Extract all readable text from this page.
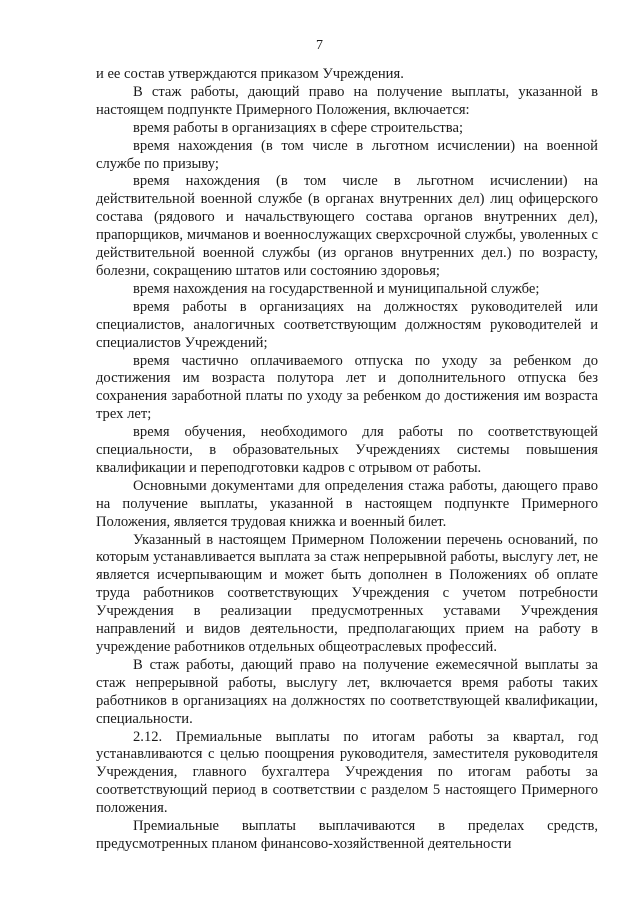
7

и ее состав утверждаются приказом Учреждения.

В стаж работы, дающий право на получение выплаты, указанной в настоящем подпункте Примерного Положения, включается:

время работы в организациях в сфере строительства;

время нахождения (в том числе в льготном исчислении) на военной службе по призыву;

время нахождения (в том числе в льготном исчислении) на действительной военной службе (в органах внутренних дел) лиц офицерского состава (рядового и начальствующего состава органов внутренних дел), прапорщиков, мичманов и военнослужащих сверхсрочной службы, уволенных с действительной военной службы (из органов внутренних дел.) по возрасту, болезни, сокращению штатов или состоянию здоровья;

время нахождения на государственной и муниципальной службе;

время работы в организациях на должностях руководителей или специалистов, аналогичных соответствующим должностям руководителей и специалистов Учреждений;

время частично оплачиваемого отпуска по уходу за ребенком до достижения им возраста полутора лет и дополнительного отпуска без сохранения заработной платы по уходу за ребенком до достижения им возраста трех лет;

время обучения, необходимого для работы по соответствующей специальности, в образовательных Учреждениях системы повышения квалификации и переподготовки кадров с отрывом от работы.

Основными документами для определения стажа работы, дающего право на получение выплаты, указанной в настоящем подпункте Примерного Положения, является трудовая книжка и военный билет.

Указанный в настоящем Примерном Положении перечень оснований, по которым устанавливается выплата за стаж непрерывной работы, выслугу лет, не является исчерпывающим и может быть дополнен в Положениях об оплате труда работников соответствующих Учреждения с учетом потребности Учреждения в реализации предусмотренных уставами Учреждения направлений и видов деятельности, предполагающих прием на работу в учреждение работников отдельных общеотраслевых профессий.

В стаж работы, дающий право на получение ежемесячной выплаты за стаж непрерывной работы, выслугу лет, включается время работы таких работников в организациях на должностях по соответствующей квалификации, специальности.

2.12. Премиальные выплаты по итогам работы за квартал, год устанавливаются с целью поощрения руководителя, заместителя руководителя Учреждения, главного бухгалтера Учреждения по итогам работы за соответствующий период в соответствии с разделом 5 настоящего Примерного положения.

Премиальные выплаты выплачиваются в пределах средств, предусмотренных планом финансово-хозяйственной деятельности
